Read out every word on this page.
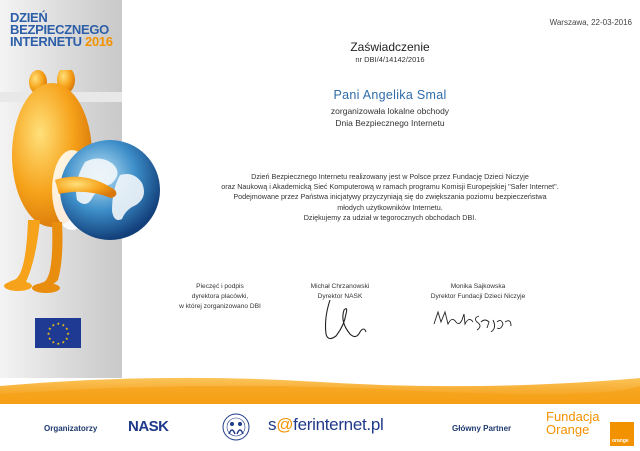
DZIEŃ
BEZPIECZNEGO
INTERNETU 2016
★ ★
★
★
★
★
★
★
★
★
★
★
Warszawa, 22-03-2016
Zaświadczenie
nr DBI/4/14142/2016
Pani Angelika Smal
zorganizowała lokalne obchody
Dnia Bezpiecznego Internetu
Dzień Bezpiecznego Internetu realizowany jest w Polsce przez Fundację Dzieci Niczyje
oraz Naukową i Akademicką Sieć Komputerową w ramach programu Komisji Europejskiej "Safer Internet".
Podejmowane przez Państwa inicjatywy przyczyniają się do zwiększania poziomu bezpieczeństwa
młodych użytkowników Internetu.
Dziękujemy za udział w tegorocznych obchodach DBI.
Pieczęć i podpis
dyrektora placówki,
w której zorganizowano DBI
Michał Chrzanowski
Dyrektor NASK
Monika Sajkowska
Dyrektor Fundacji Dzieci Niczyje
Organizatorzy NASK	s@ferinternet.pl	Główny Partner
Fundacja
Orange
orange
